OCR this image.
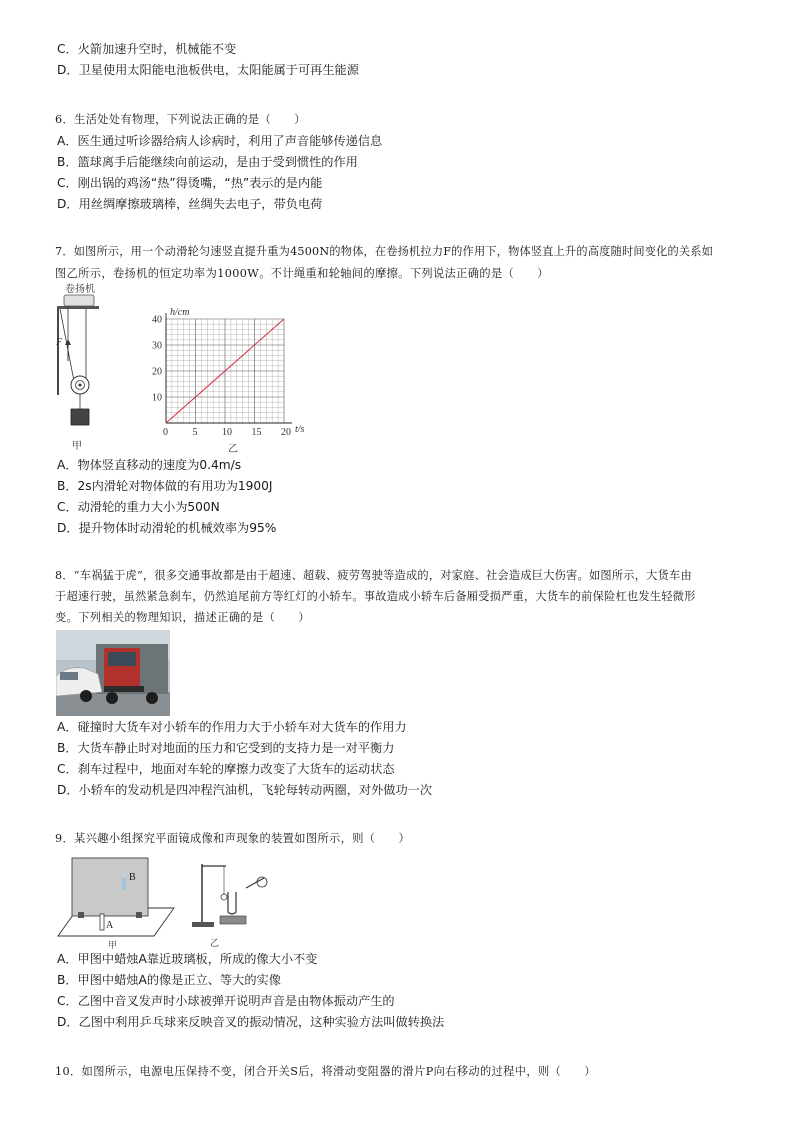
C．火箭加速升空时，机械能不变
D．卫星使用太阳能电池板供电，太阳能属于可再生能源
6．生活处处有物理，下列说法正确的是（　　）
A．医生通过听诊器给病人诊病时，利用了声音能够传递信息
B．篮球离手后能继续向前运动，是由于受到惯性的作用
C．刚出锅的鸡汤“热”得烫嘴，“热”表示的是内能
D．用丝绸摩擦玻璃棒，丝绸失去电子，带负电荷
7．如图所示，用一个动滑轮匀速竖直提升重为4500N的物体，在卷扬机拉力F的作用下，物体竖直上升的高度随时间变化的关系如
图乙所示，卷扬机的恒定功率为1000W。不计绳重和轮轴间的摩擦。下列说法正确的是（　　）
卷扬机
F
甲
0 5 10 15 20
10
20
30
40
h/cm
t/s
乙
A．物体竖直移动的速度为0.4m/s
B．2s内滑轮对物体做的有用功为1900J
C．动滑轮的重力大小为500N
D．提升物体时动滑轮的机械效率为95%
8．“车祸猛于虎”，很多交通事故都是由于超速、超载、疲劳驾驶等造成的，对家庭、社会造成巨大伤害。如图所示，大货车由
于超速行驶，虽然紧急刹车，仍然追尾前方等红灯的小轿车。事故造成小轿车后备厢受损严重，大货车的前保险杠也发生轻微形
变。下列相关的物理知识，描述正确的是（　　）
A．碰撞时大货车对小轿车的作用力大于小轿车对大货车的作用力
B．大货车静止时对地面的压力和它受到的支持力是一对平衡力
C．刹车过程中，地面对车轮的摩擦力改变了大货车的运动状态
D．小轿车的发动机是四冲程汽油机，飞轮每转动两圈，对外做功一次
9．某兴趣小组探究平面镜成像和声现象的装置如图所示，则（　　）
B
A
甲	乙
A．甲图中蜡烛A靠近玻璃板，所成的像大小不变
B．甲图中蜡烛A的像是正立、等大的实像
C．乙图中音叉发声时小球被弹开说明声音是由物体振动产生的
D．乙图中利用乒乓球来反映音叉的振动情况，这种实验方法叫做转换法
10．如图所示，电源电压保持不变，闭合开关S后，将滑动变阻器的滑片P向右移动的过程中，则（　　）
